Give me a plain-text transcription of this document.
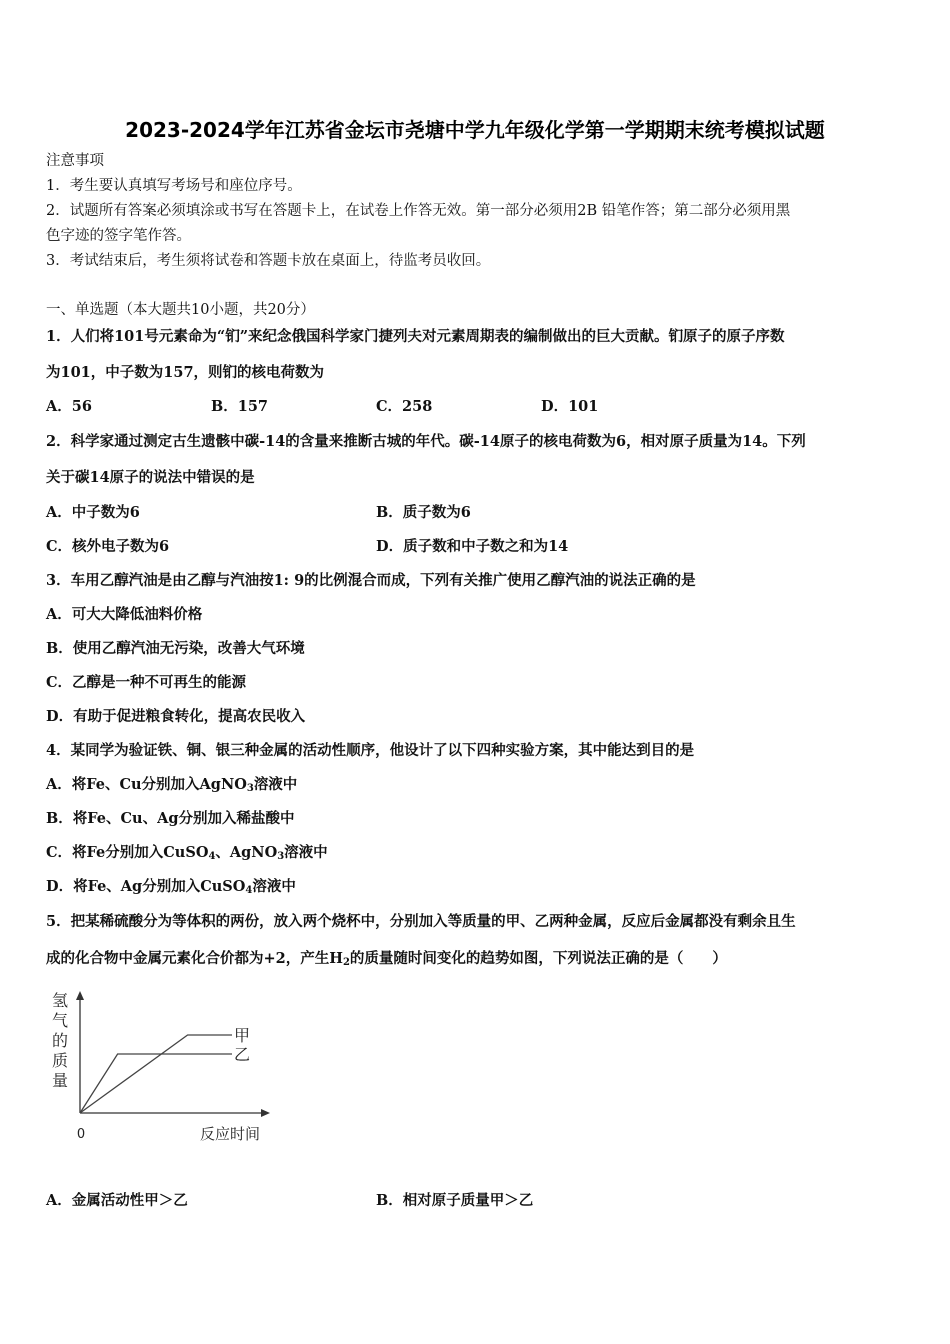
2023-2024学年江苏省金坛市尧塘中学九年级化学第一学期期末统考模拟试题
注意事项
1．考生要认真填写考场号和座位序号。
2．试题所有答案必须填涂或书写在答题卡上，在试卷上作答无效。第一部分必须用2B 铅笔作答；第二部分必须用黑
色字迹的签字笔作答。
3．考试结束后，考生须将试卷和答题卡放在桌面上，待监考员收回。
一、单选题（本大题共10小题，共20分）
1．人们将101号元素命为“钔”来纪念俄国科学家门捷列夫对元素周期表的编制做出的巨大贡献。钔原子的原子序数
为101，中子数为157，则钔的核电荷数为
A．56	B．157	C．258	D．101
2．科学家通过测定古生遗骸中碳-14的含量来推断古城的年代。碳-14原子的核电荷数为6，相对原子质量为14。下列
关于碳14原子的说法中错误的是
A．中子数为6	B．质子数为6
C．核外电子数为6	D．质子数和中子数之和为14
3．车用乙醇汽油是由乙醇与汽油按1: 9的比例混合而成，下列有关推广使用乙醇汽油的说法正确的是
A．可大大降低油料价格
B．使用乙醇汽油无污染，改善大气环境
C．乙醇是一种不可再生的能源
D．有助于促进粮食转化，提高农民收入
4．某同学为验证铁、铜、银三种金属的活动性顺序，他设计了以下四种实验方案，其中能达到目的是
A．将Fe、Cu分别加入AgNO$_3$溶液中
B．将Fe、Cu、Ag分别加入稀盐酸中
C．将Fe分别加入CuSO$_4$、AgNO$_3$溶液中
D．将Fe、Ag分别加入CuSO$_4$溶液中
5．把某稀硫酸分为等体积的两份，放入两个烧杯中，分别加入等质量的甲、乙两种金属，反应后金属都没有剩余且生
成的化合物中金属元素化合价都为+2，产生$H_2$的质量随时间变化的趋势如图，下列说法正确的是（　　）
氢
气
的
质
量
0	反应时间
甲
乙
A．金属活动性甲＞乙	B．相对原子质量甲＞乙
